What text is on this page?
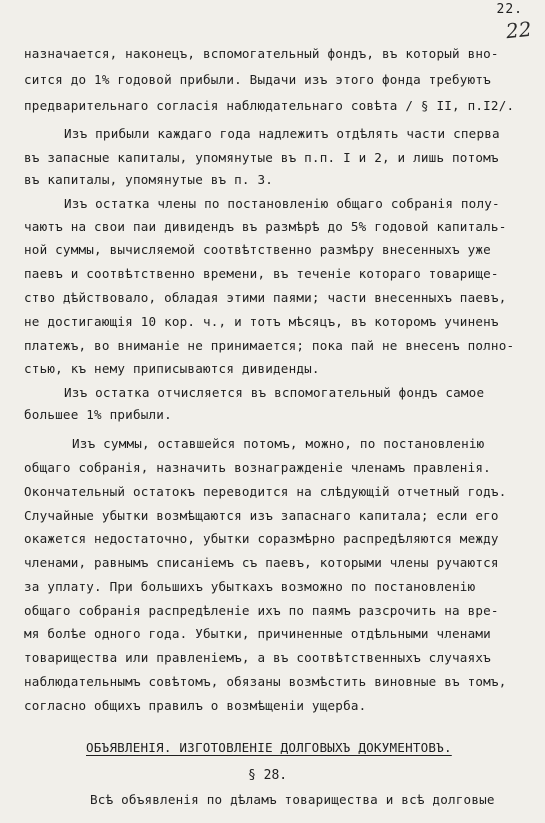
22.
22
назначается, наконецъ, вспомогательный фондъ, въ который вно-
сится до 1% годовой прибыли. Выдачи изъ этого фонда требуютъ
предварительнаго согласія наблюдательнаго совѣта / § II, п.I2/.
Изъ прибыли каждаго года надлежитъ отдѣлять части сперва
въ запасные капиталы, упомянутые въ п.п. I и 2, и лишь потомъ
въ капиталы, упомянутые въ п. 3.
Изъ остатка члены по постановленію общаго собранія полу-
чаютъ на свои паи дивидендъ въ размѣрѣ до 5% годовой капиталь-
ной суммы, вычисляемой соотвѣтственно размѣру внесенныхъ уже
паевъ и соотвѣтственно времени, въ теченіе котораго товарище-
ство дѣйствовало, обладая этими паями; части внесенныхъ паевъ,
не достигающія 10 кор. ч., и тотъ мѣсяцъ, въ которомъ учиненъ
платежъ, во вниманіе не принимается; пока пай не внесенъ полно-
стью, къ нему приписываются дивиденды.
Изъ остатка отчисляется въ вспомогательный фондъ самое
большее 1% прибыли.
Изъ суммы, оставшейся потомъ, можно, по постановленію
общаго собранія, назначить вознагражденіе членамъ правленія.
Окончательный остатокъ переводится на слѣдующій отчетный годъ.
Случайные убытки возмѣщаются изъ запаснаго капитала; если его
окажется недостаточно, убытки соразмѣрно распредѣляются между
членами, равнымъ списаніемъ съ паевъ, которыми члены ручаются
за уплату. При большихъ убыткахъ возможно по постановленію
общаго собранія распредѣленіе ихъ по паямъ разсрочить на вре-
мя болѣе одного года. Убытки, причиненные отдѣльными членами
товарищества или правленіемъ, а въ соотвѣтственныхъ случаяхъ
наблюдательнымъ совѣтомъ, обязаны возмѣстить виновные въ томъ,
согласно общихъ правилъ о возмѣщеніи ущерба.
ОБЪЯВЛЕНІЯ. ИЗГОТОВЛЕНІЕ ДОЛГОВЫХЪ ДОКУМЕНТОВЪ.
§ 28.
Всѣ объявленія по дѣламъ товарищества и всѣ долговые
